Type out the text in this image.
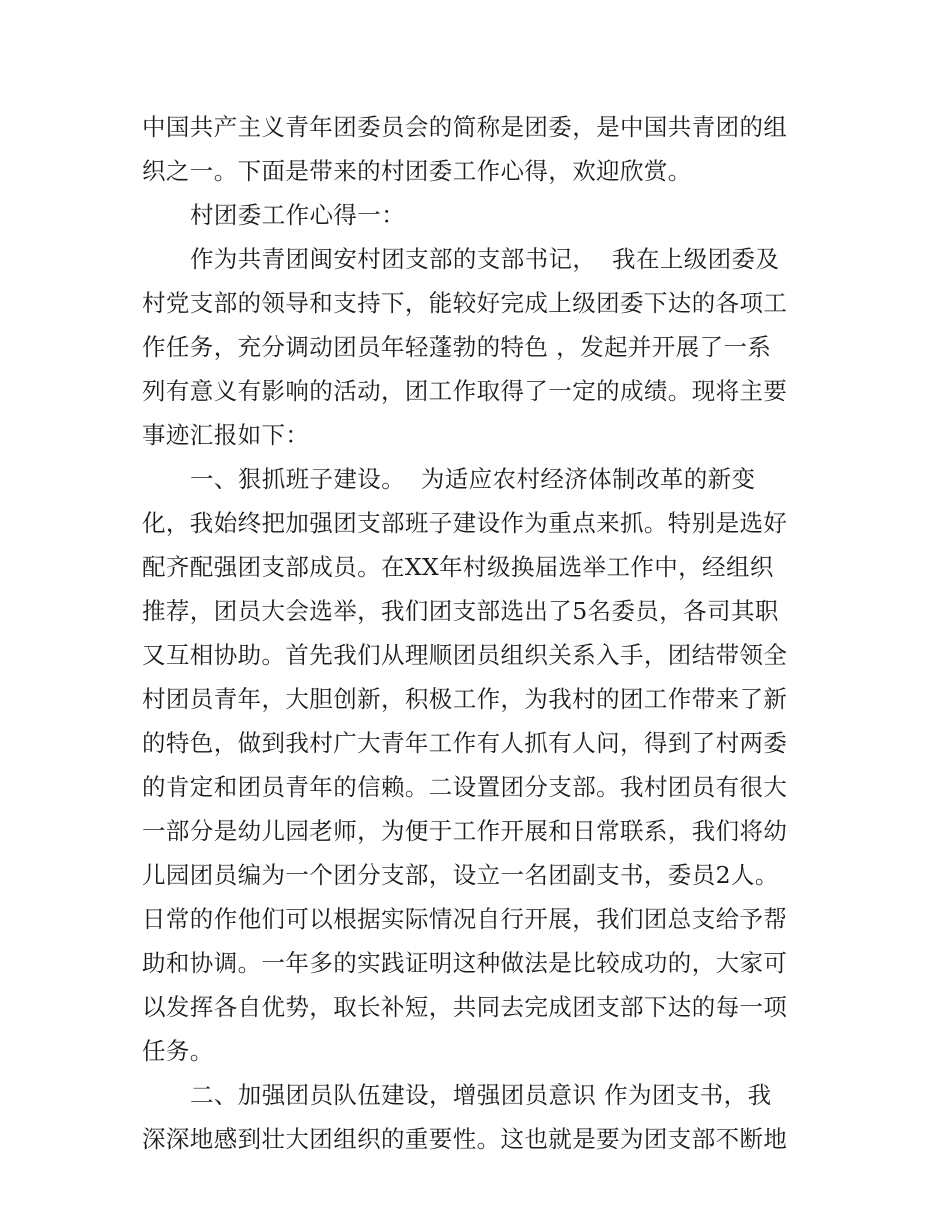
中国共产主义青年团委员会的简称是团委，是中国共青团的组
织之一。下面是带来的村团委工作心得，欢迎欣赏。
村团委工作心得一：
作为共青团闽安村团支部的支部书记，  我在上级团委及
村党支部的领导和支持下，能较好完成上级团委下达的各项工
作任务，充分调动团员年轻蓬勃的特色 ，发起并开展了一系
列有意义有影响的活动，团工作取得了一定的成绩。现将主要
事迹汇报如下：
一、狠抓班子建设。  为适应农村经济体制改革的新变
化，我始终把加强团支部班子建设作为重点来抓。特别是选好
配齐配强团支部成员。在XX年村级换届选举工作中，经组织
推荐，团员大会选举，我们团支部选出了5名委员，各司其职
又互相协助。首先我们从理顺团员组织关系入手，团结带领全
村团员青年，大胆创新，积极工作，为我村的团工作带来了新
的特色，做到我村广大青年工作有人抓有人问，得到了村两委
的肯定和团员青年的信赖。二设置团分支部。我村团员有很大
一部分是幼儿园老师，为便于工作开展和日常联系，我们将幼
儿园团员编为一个团分支部，设立一名团副支书，委员2人。
日常的作他们可以根据实际情况自行开展，我们团总支给予帮
助和协调。一年多的实践证明这种做法是比较成功的，大家可
以发挥各自优势，取长补短，共同去完成团支部下达的每一项
任务。
二、加强团员队伍建设，增强团员意识 作为团支书，我
深深地感到壮大团组织的重要性。这也就是要为团支部不断地
